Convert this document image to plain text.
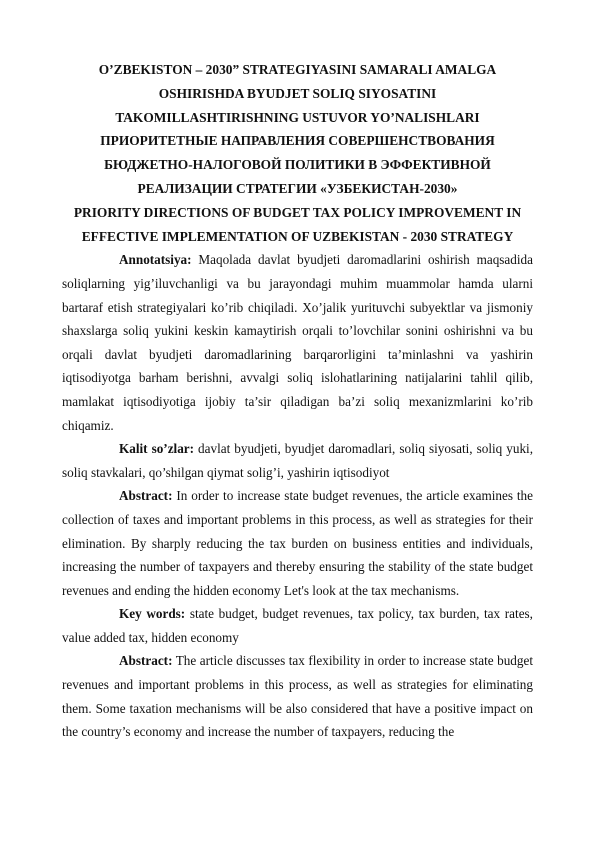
O’ZBEKISTON – 2030” STRATEGIYASINI SAMARALI AMALGA
OSHIRISHDA BYUDJET SOLIQ SIYOSATINI
TAKOMILLASHTIRISHNING USTUVOR YO’NALISHLARI
ПРИОРИТЕТНЫЕ НАПРАВЛЕНИЯ СОВЕРШЕНСТВОВАНИЯ
БЮДЖЕТНО-НАЛОГОВОЙ ПОЛИТИКИ В ЭФФЕКТИВНОЙ
РЕАЛИЗАЦИИ СТРАТЕГИИ «УЗБЕКИСТАН-2030»
PRIORITY DIRECTIONS OF BUDGET TAX POLICY IMPROVEMENT IN
EFFECTIVE IMPLEMENTATION OF UZBEKISTAN - 2030 STRATEGY

Annotatsiya: Maqolada davlat byudjeti daromadlarini oshirish maqsadida soliqlarning yig’iluvchanligi va bu jarayondagi muhim muammolar hamda ularni bartaraf etish strategiyalari ko’rib chiqiladi. Xo’jalik yurituvchi subyektlar va jismoniy shaxslarga soliq yukini keskin kamaytirish orqali to’lovchilar sonini oshirishni va bu orqali davlat byudjeti daromadlarining barqarorligini ta’minlashni va yashirin iqtisodiyotga barham berishni, avvalgi soliq islohatlarining natijalarini tahlil qilib, mamlakat iqtisodiyotiga ijobiy ta’sir qiladigan ba’zi soliq mexanizmlarini ko’rib chiqamiz.

Kalit so’zlar: davlat byudjeti, byudjet daromadlari, soliq siyosati, soliq yuki, soliq stavkalari, qo’shilgan qiymat solig’i, yashirin iqtisodiyot

Abstract: In order to increase state budget revenues, the article examines the collection of taxes and important problems in this process, as well as strategies for their elimination. By sharply reducing the tax burden on business entities and individuals, increasing the number of taxpayers and thereby ensuring the stability of the state budget revenues and ending the hidden economy Let's look at the tax mechanisms.

Key words: state budget, budget revenues, tax policy, tax burden, tax rates, value added tax, hidden economy

Abstract: The article discusses tax flexibility in order to increase state budget revenues and important problems in this process, as well as strategies for eliminating them. Some taxation mechanisms will be also considered that have a positive impact on the country’s economy and increase the number of taxpayers, reducing the
